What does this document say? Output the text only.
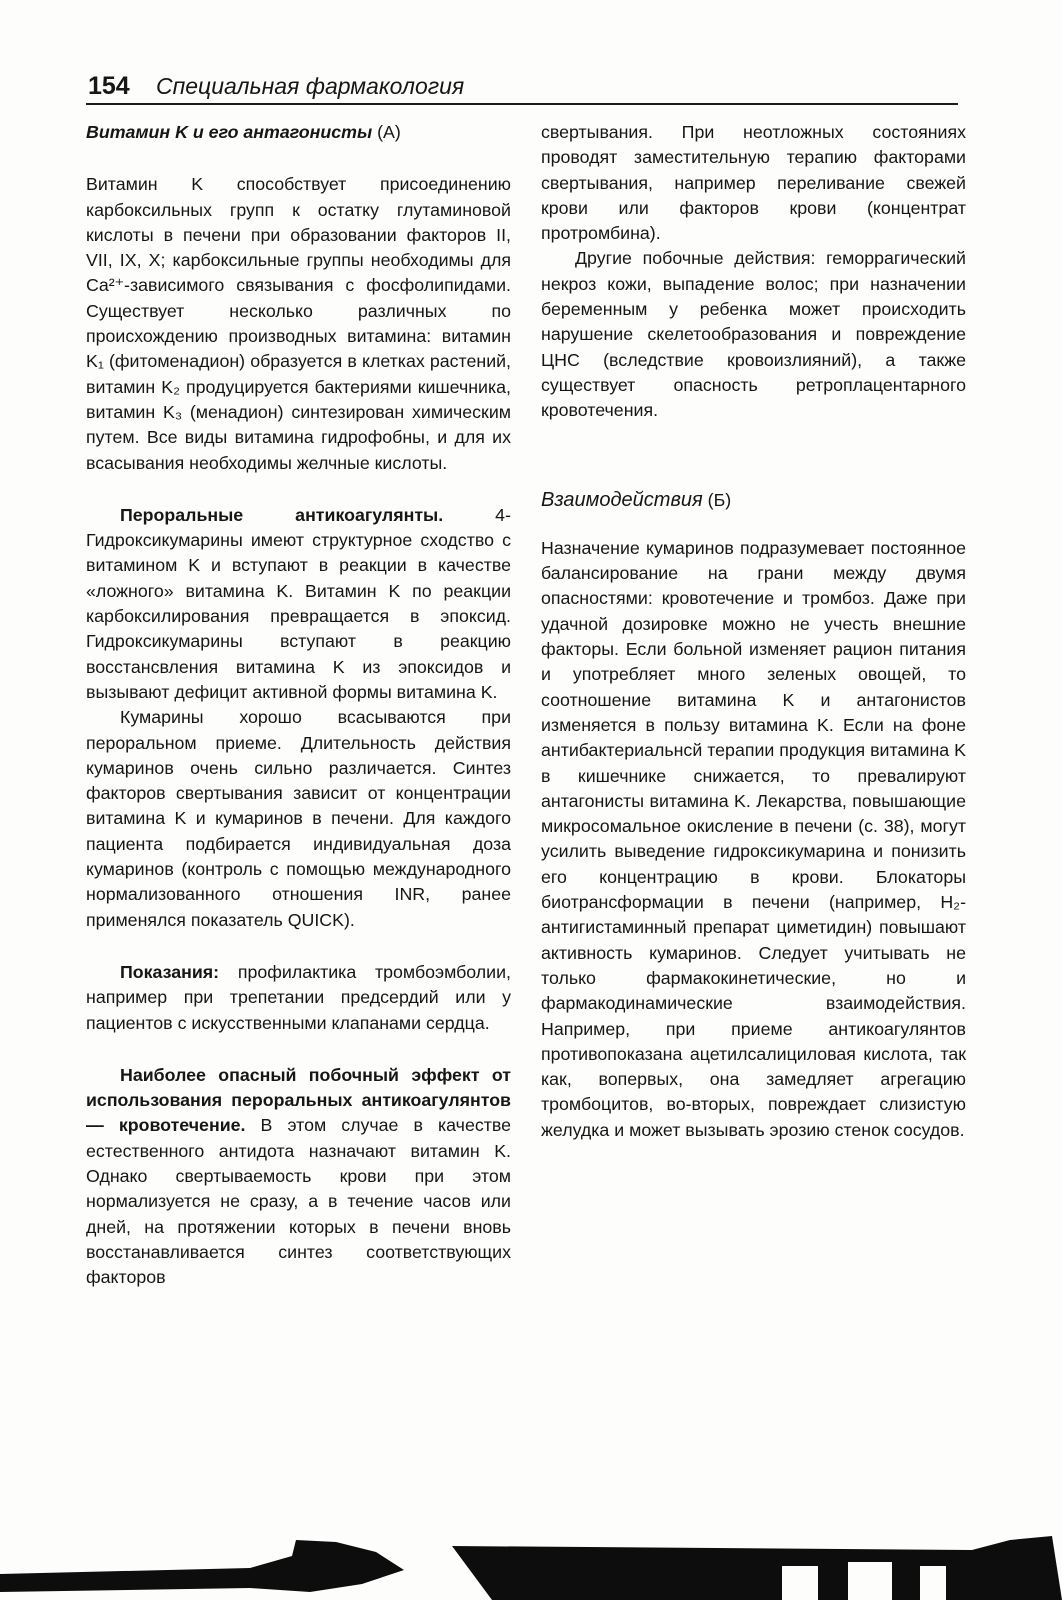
154 Специальная фармакология

Витамин K и его антагонисты (A)

Витамин K способствует присоединению карбоксильных групп к остатку глутаминовой кислоты в печени при образовании факторов II, VII, IX, X; карбоксильные группы необходимы для Ca²⁺-зависимого связывания с фосфолипидами. Существует несколько различных по происхождению производных витамина: витамин K₁ (фитоменадион) образуется в клетках растений, витамин K₂ продуцируется бактериями кишечника, витамин K₃ (менадион) синтезирован химическим путем. Все виды витамина гидрофобны, и для их всасывания необходимы желчные кислоты.

Пероральные антикоагулянты. 4-Гидроксикумарины имеют структурное сходство с витамином K и вступают в реакции в качестве «ложного» витамина K. Витамин K по реакции карбоксилирования превращается в эпоксид. Гидроксикумарины вступают в реакцию восстансвления витамина K из эпоксидов и вызывают дефицит активной формы витамина K.

Кумарины хорошо всасываются при пероральном приеме. Длительность действия кумаринов очень сильно различается. Синтез факторов свертывания зависит от концентрации витамина K и кумаринов в печени. Для каждого пациента подбирается индивидуальная доза кумаринов (контроль с помощью международного нормализованного отношения INR, ранее применялся показатель QUICK).

Показания: профилактика тромбоэмболии, например при трепетании предсердий или у пациентов с искусственными клапанами сердца.

Наиболее опасный побочный эффект от использования пероральных антикоагулянтов — кровотечение. В этом случае в качестве естественного антидота назначают витамин K. Однако свертываемость крови при этом нормализуется не сразу, а в течение часов или дней, на протяжении которых в печени вновь восстанавливается синтез соответствующих факторов

свертывания. При неотложных состояниях проводят заместительную терапию факторами свертывания, например переливание свежей крови или факторов крови (концентрат протромбина).

Другие побочные действия: геморрагический некроз кожи, выпадение волос; при назначении беременным у ребенка может происходить нарушение скелетообразования и повреждение ЦНС (вследствие кровоизлияний), а также существует опасность ретроплацентарного кровотечения.

Взаимодействия (Б)

Назначение кумаринов подразумевает постоянное балансирование на грани между двумя опасностями: кровотечение и тромбоз. Даже при удачной дозировке можно не учесть внешние факторы. Если больной изменяет рацион питания и употребляет много зеленых овощей, то соотношение витамина K и антагонистов изменяется в пользу витамина K. Если на фоне антибактериальнсй терапии продукция витамина K в кишечнике снижается, то превалируют антагонисты витамина K. Лекарства, повышающие микросомальное окисление в печени (с. 38), могут усилить выведение гидроксикумарина и понизить его концентрацию в крови. Блокаторы биотрансформации в печени (например, H₂-антигистаминный препарат циметидин) повышают активность кумаринов. Следует учитывать не только фармакокинетические, но и фармакодинамические взаимодействия. Например, при приеме антикоагулянтов противопоказана ацетилсалициловая кислота, так как, вопервых, она замедляет агрегацию тромбоцитов, во-вторых, повреждает слизистую желудка и может вызывать эрозию стенок сосудов.
